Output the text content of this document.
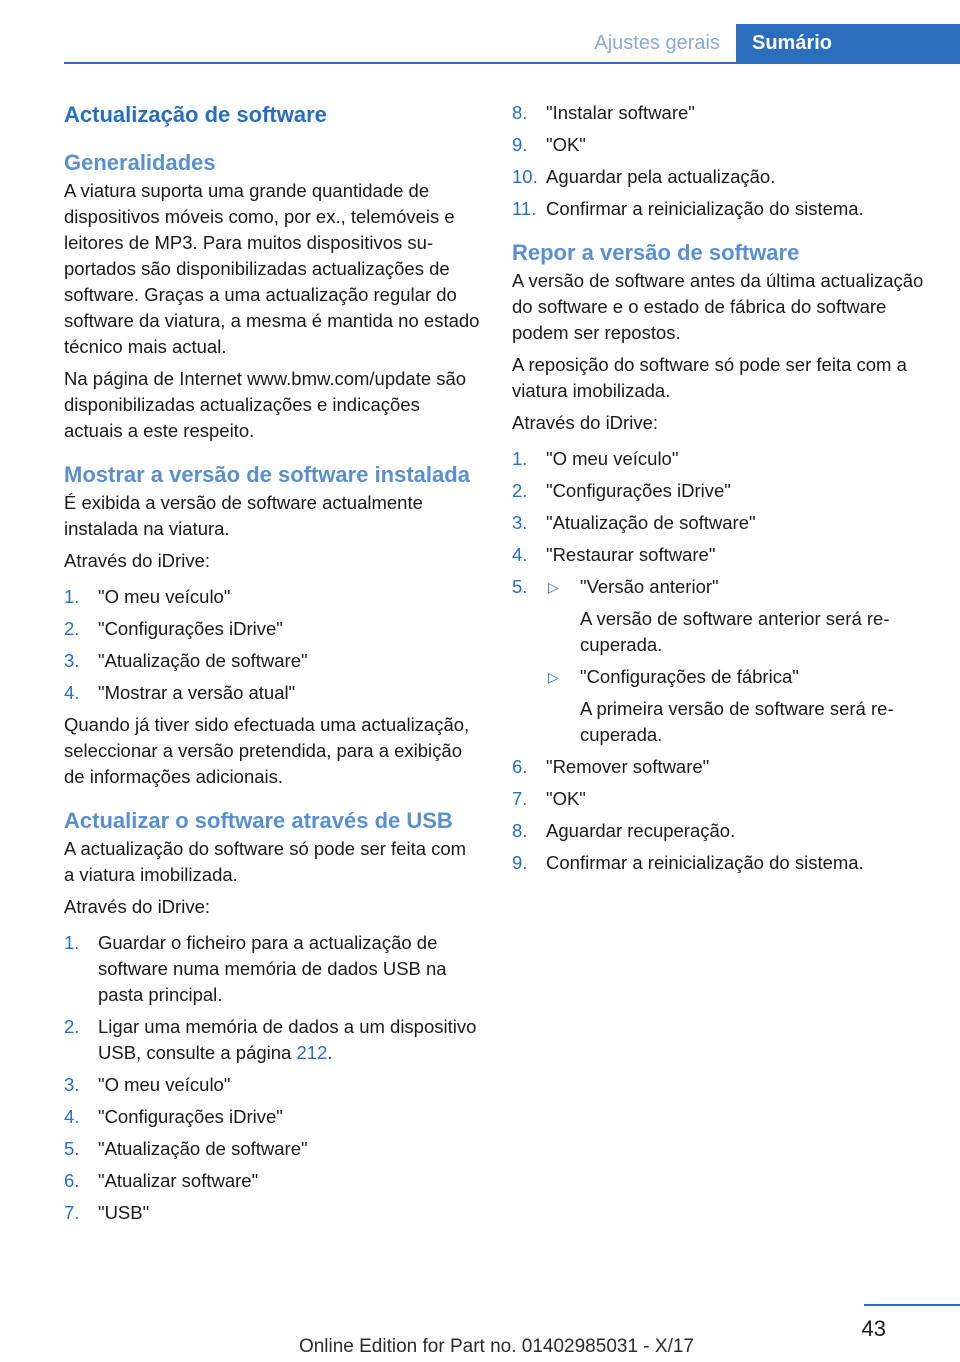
Ajustes gerais	Sumário
Actualização de software
Generalidades

A viatura suporta uma grande quantidade de dispositivos móveis como, por ex., telemóveis e leitores de MP3. Para muitos dispositivos suportados são disponibilizadas actualizações de software. Graças a uma actualização regular do software da viatura, a mesma é mantida no estado técnico mais actual.

Na página de Internet www.bmw.com/update são disponibilizadas actualizações e indicações actuais a este respeito.

Mostrar a versão de software instalada

É exibida a versão de software actualmente instalada na viatura.

Através do iDrive:

1. "O meu veículo"
2. "Configurações iDrive"
3. "Atualização de software"
4. "Mostrar a versão atual"

Quando já tiver sido efectuada uma actualização, seleccionar a versão pretendida, para a exibição de informações adicionais.

Actualizar o software através de USB

A actualização do software só pode ser feita com a viatura imobilizada.

Através do iDrive:

1. Guardar o ficheiro para a actualização de software numa memória de dados USB na pasta principal.
2. Ligar uma memória de dados a um dispositivo USB, consulte a página 212.
3. "O meu veículo"
4. "Configurações iDrive"
5. "Atualização de software"
6. "Atualizar software"
7. "USB"
8. "Instalar software"
9. "OK"
10. Aguardar pela actualização.
11. Confirmar a reinicialização do sistema.
Repor a versão de software

A versão de software antes da última actualização do software e o estado de fábrica do software podem ser repostos.

A reposição do software só pode ser feita com a viatura imobilizada.

Através do iDrive:

1. "O meu veículo"
2. "Configurações iDrive"
3. "Atualização de software"
4. "Restaurar software"
5. ▷ "Versão anterior"
A versão de software anterior será recuperada.
▷ "Configurações de fábrica"
A primeira versão de software será recuperada.
6. "Remover software"
7. "OK"
8. Aguardar recuperação.
9. Confirmar a reinicialização do sistema.
43
Online Edition for Part no. 01402985031 - X/17
